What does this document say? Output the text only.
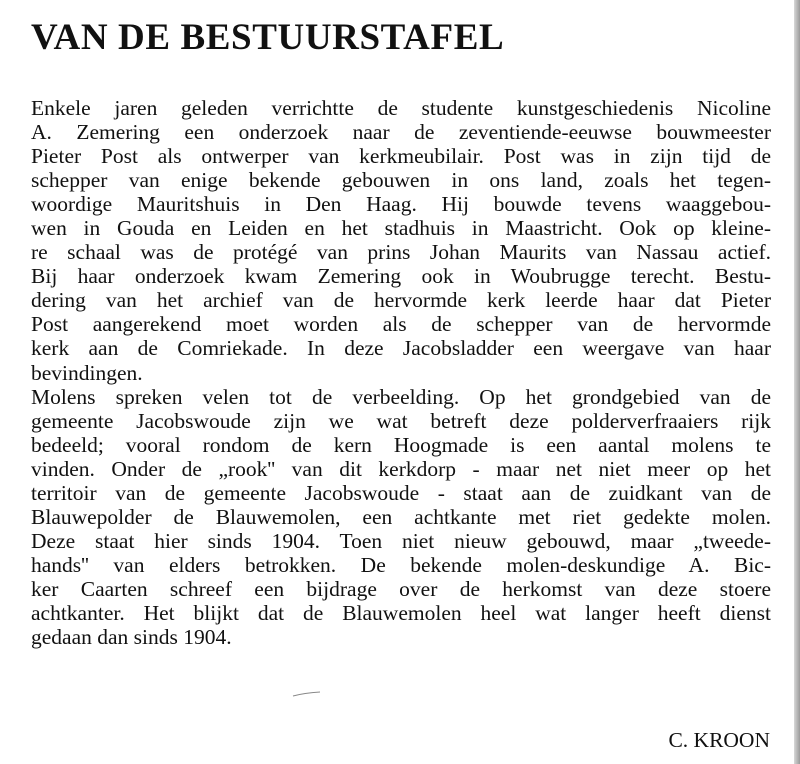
VAN DE BESTUURSTAFEL
Enkele jaren geleden verrichtte de studente kunstgeschiedenis Nicoline
A. Zemering een onderzoek naar de zeventiende-eeuwse bouwmeester
Pieter Post als ontwerper van kerkmeubilair. Post was in zijn tijd de
schepper van enige bekende gebouwen in ons land, zoals het tegen-
woordige Mauritshuis in Den Haag. Hij bouwde tevens waaggebou-
wen in Gouda en Leiden en het stadhuis in Maastricht. Ook op kleine-
re schaal was de protégé van prins Johan Maurits van Nassau actief.
Bij haar onderzoek kwam Zemering ook in Woubrugge terecht. Bestu-
dering van het archief van de hervormde kerk leerde haar dat Pieter
Post aangerekend moet worden als de schepper van de hervormde
kerk aan de Comriekade. In deze Jacobsladder een weergave van haar
bevindingen.
Molens spreken velen tot de verbeelding. Op het grondgebied van de
gemeente Jacobswoude zijn we wat betreft deze polderverfraaiers rijk
bedeeld; vooral rondom de kern Hoogmade is een aantal molens te
vinden. Onder de „rook'' van dit kerkdorp - maar net niet meer op het
territoir van de gemeente Jacobswoude - staat aan de zuidkant van de
Blauwepolder de Blauwemolen, een achtkante met riet gedekte molen.
Deze staat hier sinds 1904. Toen niet nieuw gebouwd, maar „tweede-
hands'' van elders betrokken. De bekende molen-deskundige A. Bic-
ker Caarten schreef een bijdrage over de herkomst van deze stoere
achtkanter. Het blijkt dat de Blauwemolen heel wat langer heeft dienst
gedaan dan sinds 1904.
C. KROON
